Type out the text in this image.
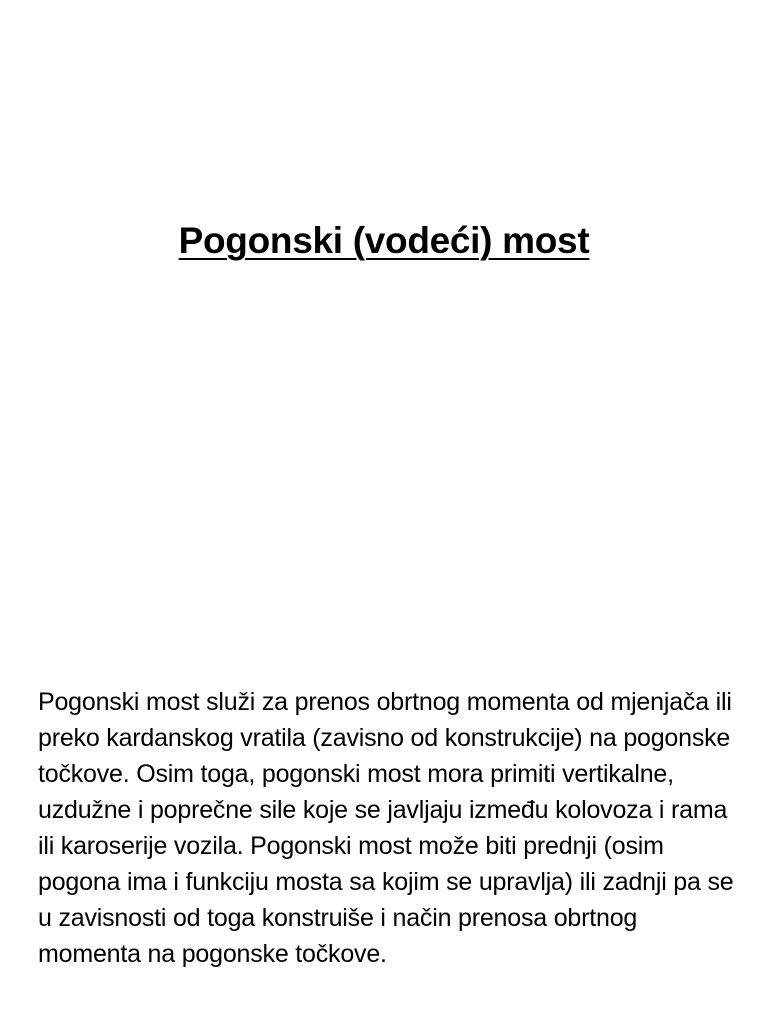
Pogonski (vodeći) most
Pogonski most služi za prenos obrtnog momenta od mjenjača ili preko kardanskog vratila (zavisno od konstrukcije) na pogonske točkove. Osim toga, pogonski most mora primiti vertikalne, uzdužne i poprečne sile koje se javljaju između kolovoza i rama ili karoserije vozila. Pogonski most može biti prednji (osim pogona ima i funkciju mosta sa kojim se upravlja) ili zadnji pa se u zavisnosti od toga konstruiše i način prenosa obrtnog momenta na pogonske točkove.
